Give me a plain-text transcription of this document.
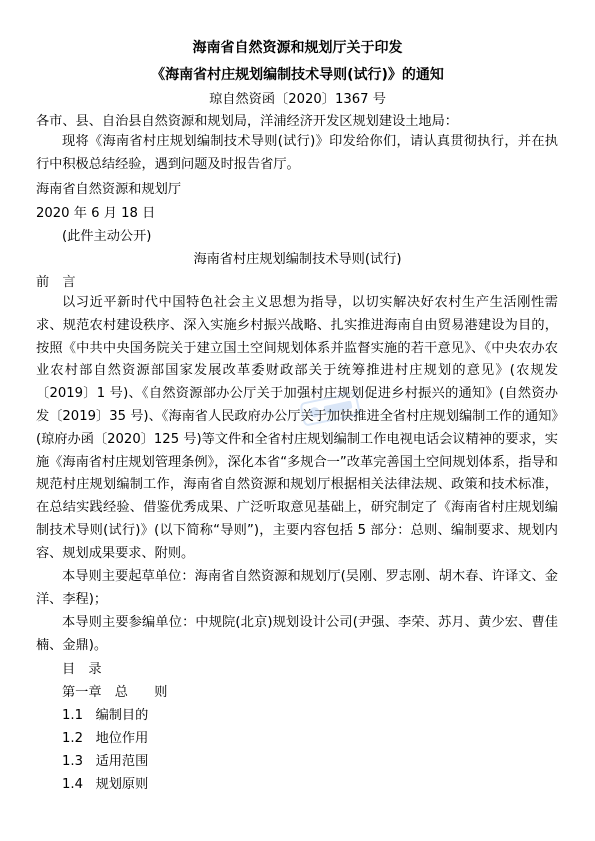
海南省自然资源和规划厅关于印发
《海南省村庄规划编制技术导则(试行)》的通知
琼自然资函〔2020〕1367 号
各市、县、自治县自然资源和规划局，洋浦经济开发区规划建设土地局：
现将《海南省村庄规划编制技术导则(试行)》印发给你们，请认真贯彻执行，并在执行中积极总结经验，遇到问题及时报告省厅。
海南省自然资源和规划厅
2020 年 6 月 18 日
(此件主动公开)
海南省村庄规划编制技术导则(试行)
前　言
以习近平新时代中国特色社会主义思想为指导，以切实解决好农村生产生活刚性需求、规范农村建设秩序、深入实施乡村振兴战略、扎实推进海南自由贸易港建设为目的，按照《中共中央国务院关于建立国土空间规划体系并监督实施的若干意见》、《中央农办农业农村部自然资源部国家发展改革委财政部关于统筹推进村庄规划的意见》(农规发〔2019〕1 号)、《自然资源部办公厅关于加强村庄规划促进乡村振兴的通知》(自然资办发〔2019〕35 号)、《海南省人民政府办公厅关于加快推进全省村庄规划编制工作的通知》(琼府办函〔2020〕125 号)等文件和全省村庄规划编制工作电视电话会议精神的要求，实施《海南省村庄规划管理条例》，深化本省“多规合一”改革完善国土空间规划体系，指导和规范村庄规划编制工作，海南省自然资源和规划厅根据相关法律法规、政策和技术标准，在总结实践经验、借鉴优秀成果、广泛听取意见基础上，研究制定了《海南省村庄规划编制技术导则(试行)》(以下简称“导则”)，主要内容包括 5 部分：总则、编制要求、规划内容、规划成果要求、附则。
本导则主要起草单位：海南省自然资源和规划厅(吴刚、罗志刚、胡木春、许译文、金洋、李程)；
本导则主要参编单位：中规院(北京)规划设计公司(尹强、李荣、苏月、黄少宏、曹佳楠、金鼎)。
目　录
第一章　总　　则
1.1 编制目的
1.2 地位作用
1.3 适用范围
1.4 规划原则
